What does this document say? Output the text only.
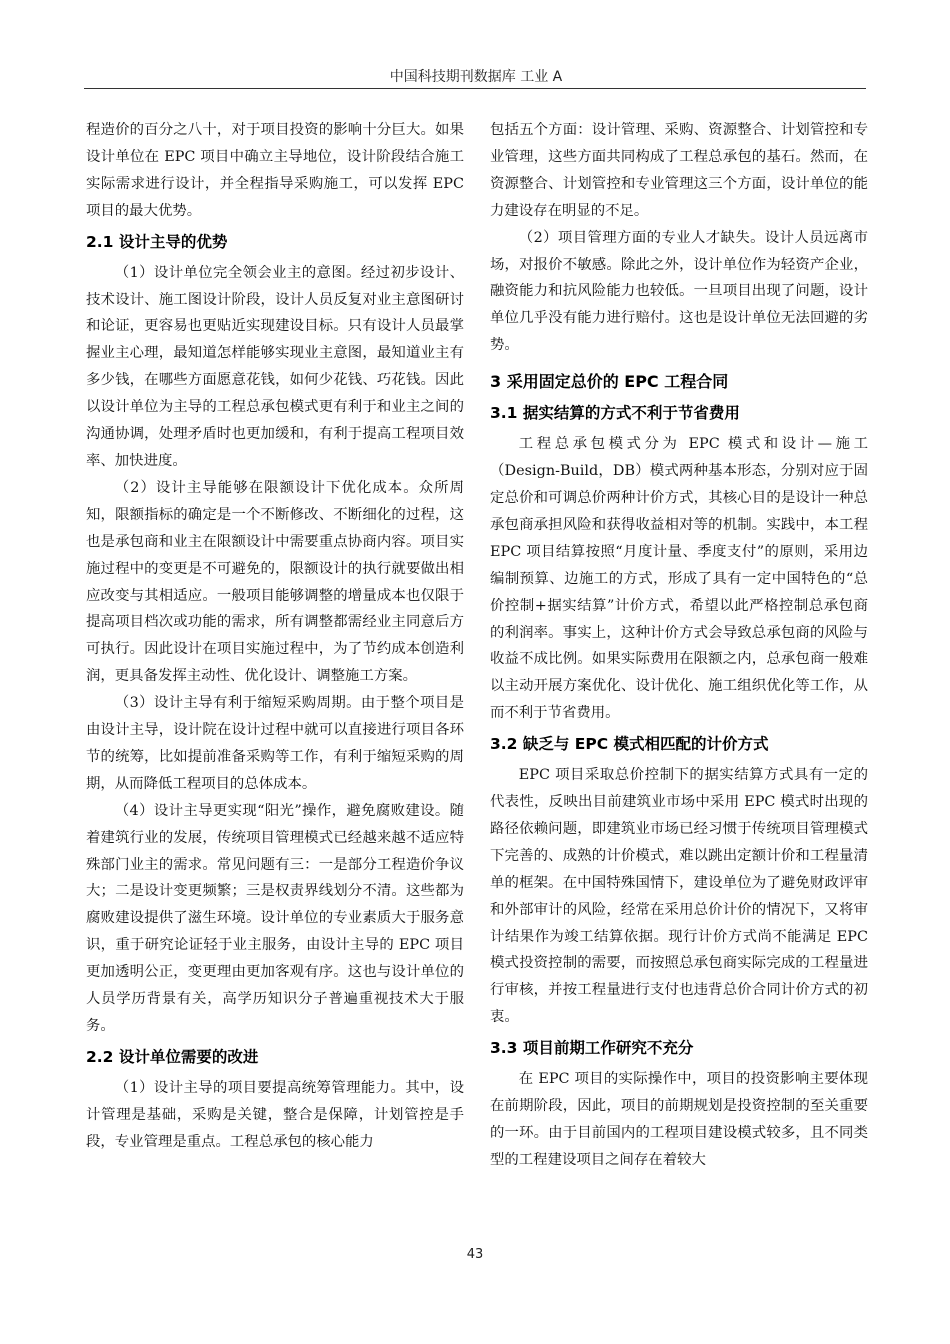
中国科技期刊数据库 工业 A

程造价的百分之八十，对于项目投资的影响十分巨大。如果设计单位在 EPC 项目中确立主导地位，设计阶段结合施工实际需求进行设计，并全程指导采购施工，可以发挥 EPC 项目的最大优势。

2.1 设计主导的优势

（1）设计单位完全领会业主的意图。经过初步设计、技术设计、施工图设计阶段，设计人员反复对业主意图研讨和论证，更容易也更贴近实现建设目标。只有设计人员最掌握业主心理，最知道怎样能够实现业主意图，最知道业主有多少钱，在哪些方面愿意花钱，如何少花钱、巧花钱。因此以设计单位为主导的工程总承包模式更有利于和业主之间的沟通协调，处理矛盾时也更加缓和，有利于提高工程项目效率、加快进度。

（2）设计主导能够在限额设计下优化成本。众所周知，限额指标的确定是一个不断修改、不断细化的过程，这也是承包商和业主在限额设计中需要重点协商内容。项目实施过程中的变更是不可避免的，限额设计的执行就要做出相应改变与其相适应。一般项目能够调整的增量成本也仅限于提高项目档次或功能的需求，所有调整都需经业主同意后方可执行。因此设计在项目实施过程中，为了节约成本创造利润，更具备发挥主动性、优化设计、调整施工方案。

（3）设计主导有利于缩短采购周期。由于整个项目是由设计主导，设计院在设计过程中就可以直接进行项目各环节的统筹，比如提前准备采购等工作，有利于缩短采购的周期，从而降低工程项目的总体成本。

（4）设计主导更实现“阳光”操作，避免腐败建设。随着建筑行业的发展，传统项目管理模式已经越来越不适应特殊部门业主的需求。常见问题有三：一是部分工程造价争议大；二是设计变更频繁；三是权责界线划分不清。这些都为腐败建设提供了滋生环境。设计单位的专业素质大于服务意识，重于研究论证轻于业主服务，由设计主导的 EPC 项目更加透明公正，变更理由更加客观有序。这也与设计单位的人员学历背景有关，高学历知识分子普遍重视技术大于服务。

2.2 设计单位需要的改进

（1）设计主导的项目要提高统筹管理能力。其中，设计管理是基础，采购是关键，整合是保障，计划管控是手段，专业管理是重点。工程总承包的核心能力

包括五个方面：设计管理、采购、资源整合、计划管控和专业管理，这些方面共同构成了工程总承包的基石。然而，在资源整合、计划管控和专业管理这三个方面，设计单位的能力建设存在明显的不足。

（2）项目管理方面的专业人才缺失。设计人员远离市场，对报价不敏感。除此之外，设计单位作为轻资产企业，融资能力和抗风险能力也较低。一旦项目出现了问题，设计单位几乎没有能力进行赔付。这也是设计单位无法回避的劣势。

3 采用固定总价的 EPC 工程合同
3.1 据实结算的方式不利于节省费用

工程总承包模式分为 EPC 模式和设计—施工（Design-Build，DB）模式两种基本形态，分别对应于固定总价和可调总价两种计价方式，其核心目的是设计一种总承包商承担风险和获得收益相对等的机制。实践中，本工程 EPC 项目结算按照“月度计量、季度支付”的原则，采用边编制预算、边施工的方式，形成了具有一定中国特色的“总价控制+据实结算”计价方式，希望以此严格控制总承包商的利润率。事实上，这种计价方式会导致总承包商的风险与收益不成比例。如果实际费用在限额之内，总承包商一般难以主动开展方案优化、设计优化、施工组织优化等工作，从而不利于节省费用。

3.2 缺乏与 EPC 模式相匹配的计价方式

EPC 项目采取总价控制下的据实结算方式具有一定的代表性，反映出目前建筑业市场中采用 EPC 模式时出现的路径依赖问题，即建筑业市场已经习惯于传统项目管理模式下完善的、成熟的计价模式，难以跳出定额计价和工程量清单的框架。在中国特殊国情下，建设单位为了避免财政评审和外部审计的风险，经常在采用总价计价的情况下，又将审计结果作为竣工结算依据。现行计价方式尚不能满足 EPC 模式投资控制的需要，而按照总承包商实际完成的工程量进行审核，并按工程量进行支付也违背总价合同计价方式的初衷。

3.3 项目前期工作研究不充分

在 EPC 项目的实际操作中，项目的投资影响主要体现在前期阶段，因此，项目的前期规划是投资控制的至关重要的一环。由于目前国内的工程项目建设模式较多，且不同类型的工程建设项目之间存在着较大

43
